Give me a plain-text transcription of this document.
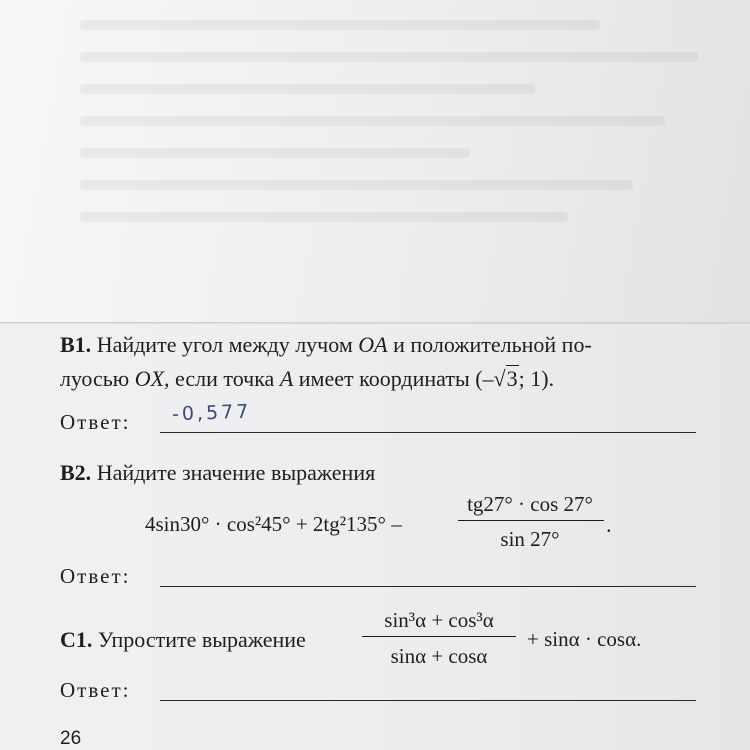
B1. Найдите угол между лучом OA и положительной по-
луосью OX, если точка A имеет координаты (–√3; 1).
Ответ: -0,577
B2. Найдите значение выражения
4sin30° · cos²45° + 2tg²135° –
tg27° · cos 27°
sin 27°
.
Ответ:
C1. Упростите выражение
sin³α + cos³α
sinα + cosα
+ sinα · cosα.
Ответ:
26
